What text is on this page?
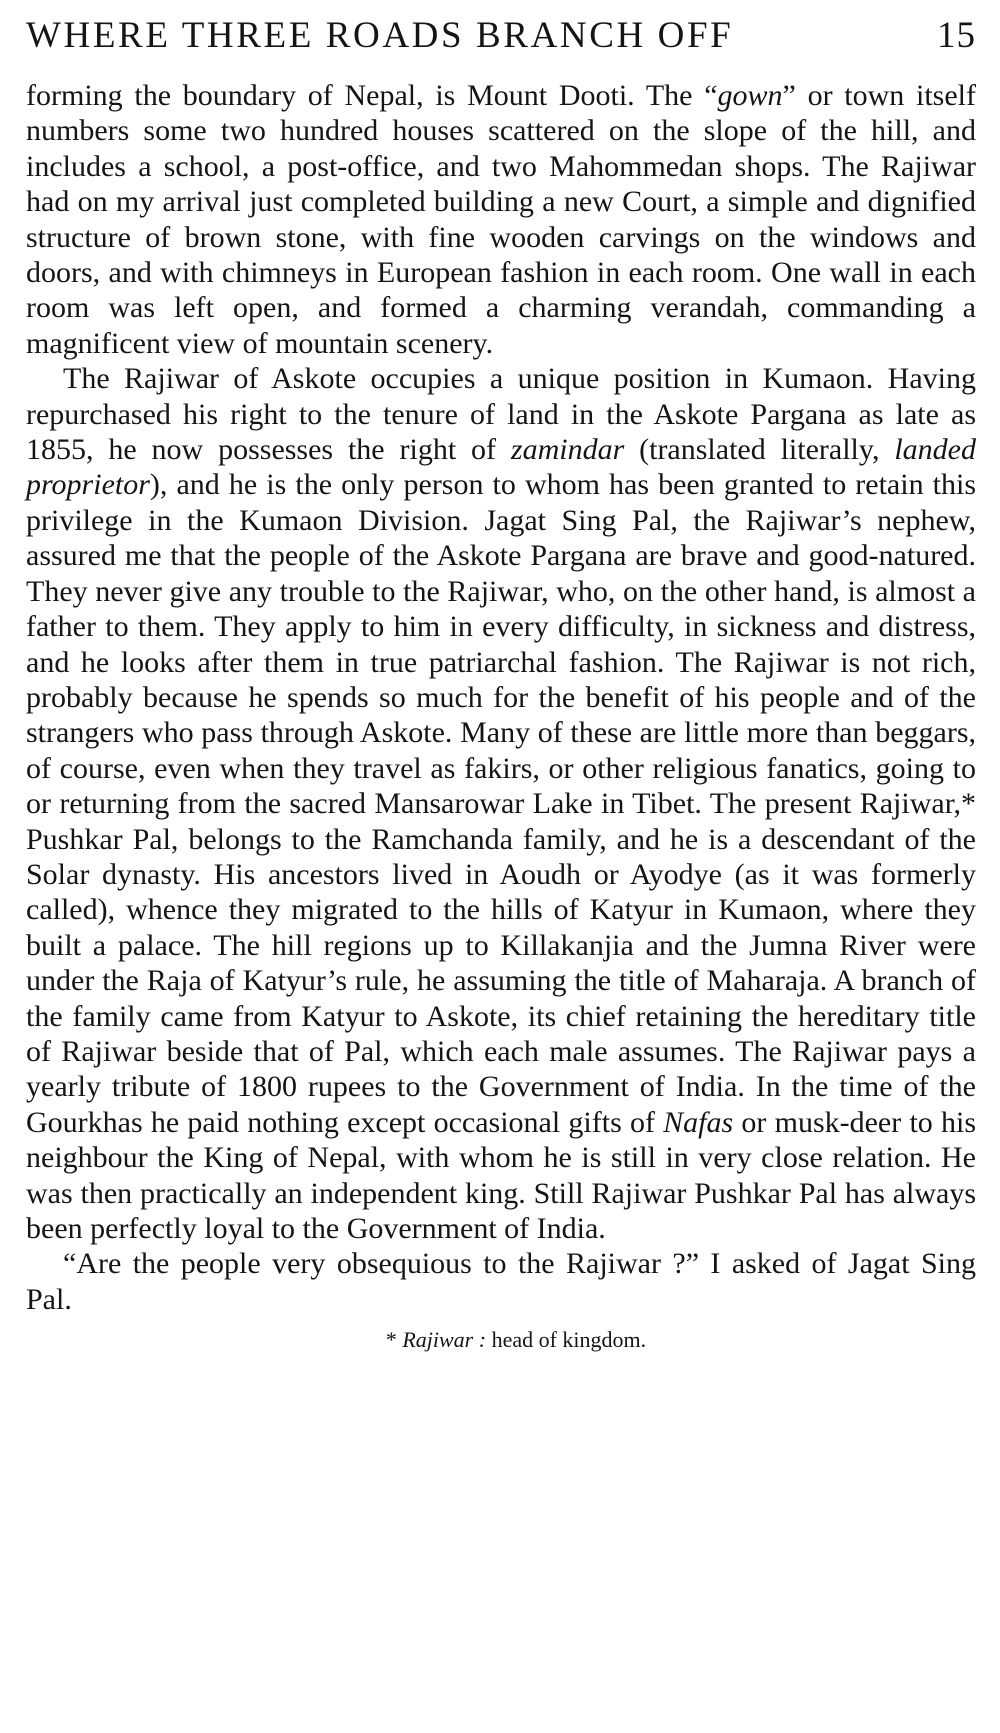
WHERE THREE ROADS BRANCH OFF	15

forming the boundary of Nepal, is Mount Dooti. The “gown” or town itself numbers some two hundred houses scattered on the slope of the hill, and includes a school, a post-office, and two Mahommedan shops. The Rajiwar had on my arrival just completed building a new Court, a simple and dignified structure of brown stone, with fine wooden carvings on the windows and doors, and with chimneys in European fashion in each room. One wall in each room was left open, and formed a charming verandah, commanding a magnificent view of mountain scenery.

The Rajiwar of Askote occupies a unique position in Kumaon. Having repurchased his right to the tenure of land in the Askote Pargana as late as 1855, he now possesses the right of zamindar (translated literally, landed proprietor), and he is the only person to whom has been granted to retain this privilege in the Kumaon Division. Jagat Sing Pal, the Rajiwar’s nephew, assured me that the people of the Askote Pargana are brave and good-natured. They never give any trouble to the Rajiwar, who, on the other hand, is almost a father to them. They apply to him in every difficulty, in sickness and distress, and he looks after them in true patriarchal fashion. The Rajiwar is not rich, probably because he spends so much for the benefit of his people and of the strangers who pass through Askote. Many of these are little more than beggars, of course, even when they travel as fakirs, or other religious fanatics, going to or returning from the sacred Mansarowar Lake in Tibet. The present Rajiwar,* Pushkar Pal, belongs to the Ramchanda family, and he is a descendant of the Solar dynasty. His ancestors lived in Aoudh or Ayodye (as it was formerly called), whence they migrated to the hills of Katyur in Kumaon, where they built a palace. The hill regions up to Killakanjia and the Jumna River were under the Raja of Katyur’s rule, he assuming the title of Maharaja. A branch of the family came from Katyur to Askote, its chief retaining the hereditary title of Rajiwar beside that of Pal, which each male assumes. The Rajiwar pays a yearly tribute of 1800 rupees to the Government of India. In the time of the Gourkhas he paid nothing except occasional gifts of Nafas or musk-deer to his neighbour the King of Nepal, with whom he is still in very close relation. He was then practically an independent king. Still Rajiwar Pushkar Pal has always been perfectly loyal to the Government of India.

“Are the people very obsequious to the Rajiwar ?” I asked of Jagat Sing Pal.

* Rajiwar : head of kingdom.
